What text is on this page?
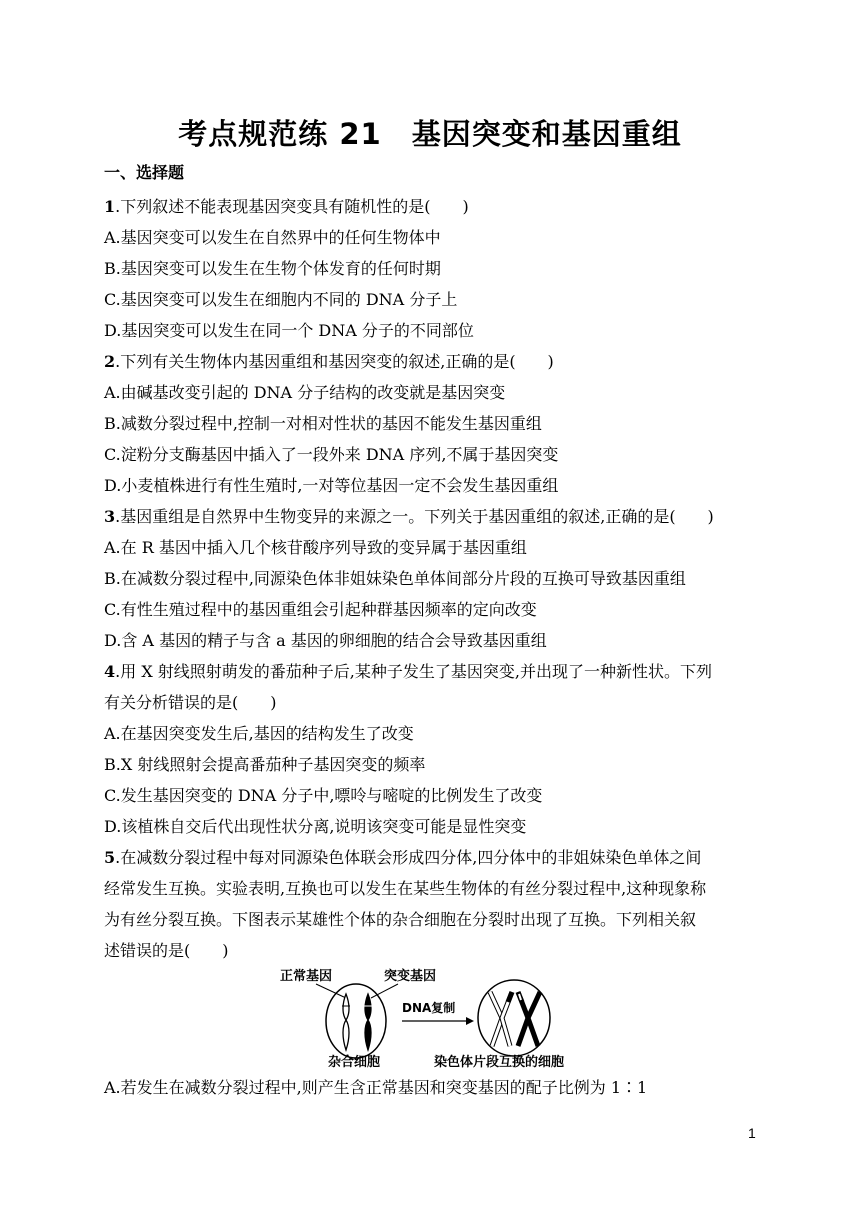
考点规范练 21　基因突变和基因重组
一、选择题
1.下列叙述不能表现基因突变具有随机性的是(　　)
A.基因突变可以发生在自然界中的任何生物体中
B.基因突变可以发生在生物个体发育的任何时期
C.基因突变可以发生在细胞内不同的 DNA 分子上
D.基因突变可以发生在同一个 DNA 分子的不同部位
2.下列有关生物体内基因重组和基因突变的叙述,正确的是(　　)
A.由碱基改变引起的 DNA 分子结构的改变就是基因突变
B.减数分裂过程中,控制一对相对性状的基因不能发生基因重组
C.淀粉分支酶基因中插入了一段外来 DNA 序列,不属于基因突变
D.小麦植株进行有性生殖时,一对等位基因一定不会发生基因重组
3.基因重组是自然界中生物变异的来源之一。下列关于基因重组的叙述,正确的是(　　)
A.在 R 基因中插入几个核苷酸序列导致的变异属于基因重组
B.在减数分裂过程中,同源染色体非姐妹染色单体间部分片段的互换可导致基因重组
C.有性生殖过程中的基因重组会引起种群基因频率的定向改变
D.含 A 基因的精子与含 a 基因的卵细胞的结合会导致基因重组
4.用 X 射线照射萌发的番茄种子后,某种子发生了基因突变,并出现了一种新性状。下列
有关分析错误的是(　　)
A.在基因突变发生后,基因的结构发生了改变
B.X 射线照射会提高番茄种子基因突变的频率
C.发生基因突变的 DNA 分子中,嘌呤与嘧啶的比例发生了改变
D.该植株自交后代出现性状分离,说明该突变可能是显性突变
5.在减数分裂过程中每对同源染色体联会形成四分体,四分体中的非姐妹染色单体之间
经常发生互换。实验表明,互换也可以发生在某些生物体的有丝分裂过程中,这种现象称
为有丝分裂互换。下图表示某雄性个体的杂合细胞在分裂时出现了互换。下列相关叙
述错误的是(　　)
正常基因	突变基因
DNA复制
杂合细胞	染色体片段互换的细胞
A.若发生在减数分裂过程中,则产生含正常基因和突变基因的配子比例为 1∶1
1
